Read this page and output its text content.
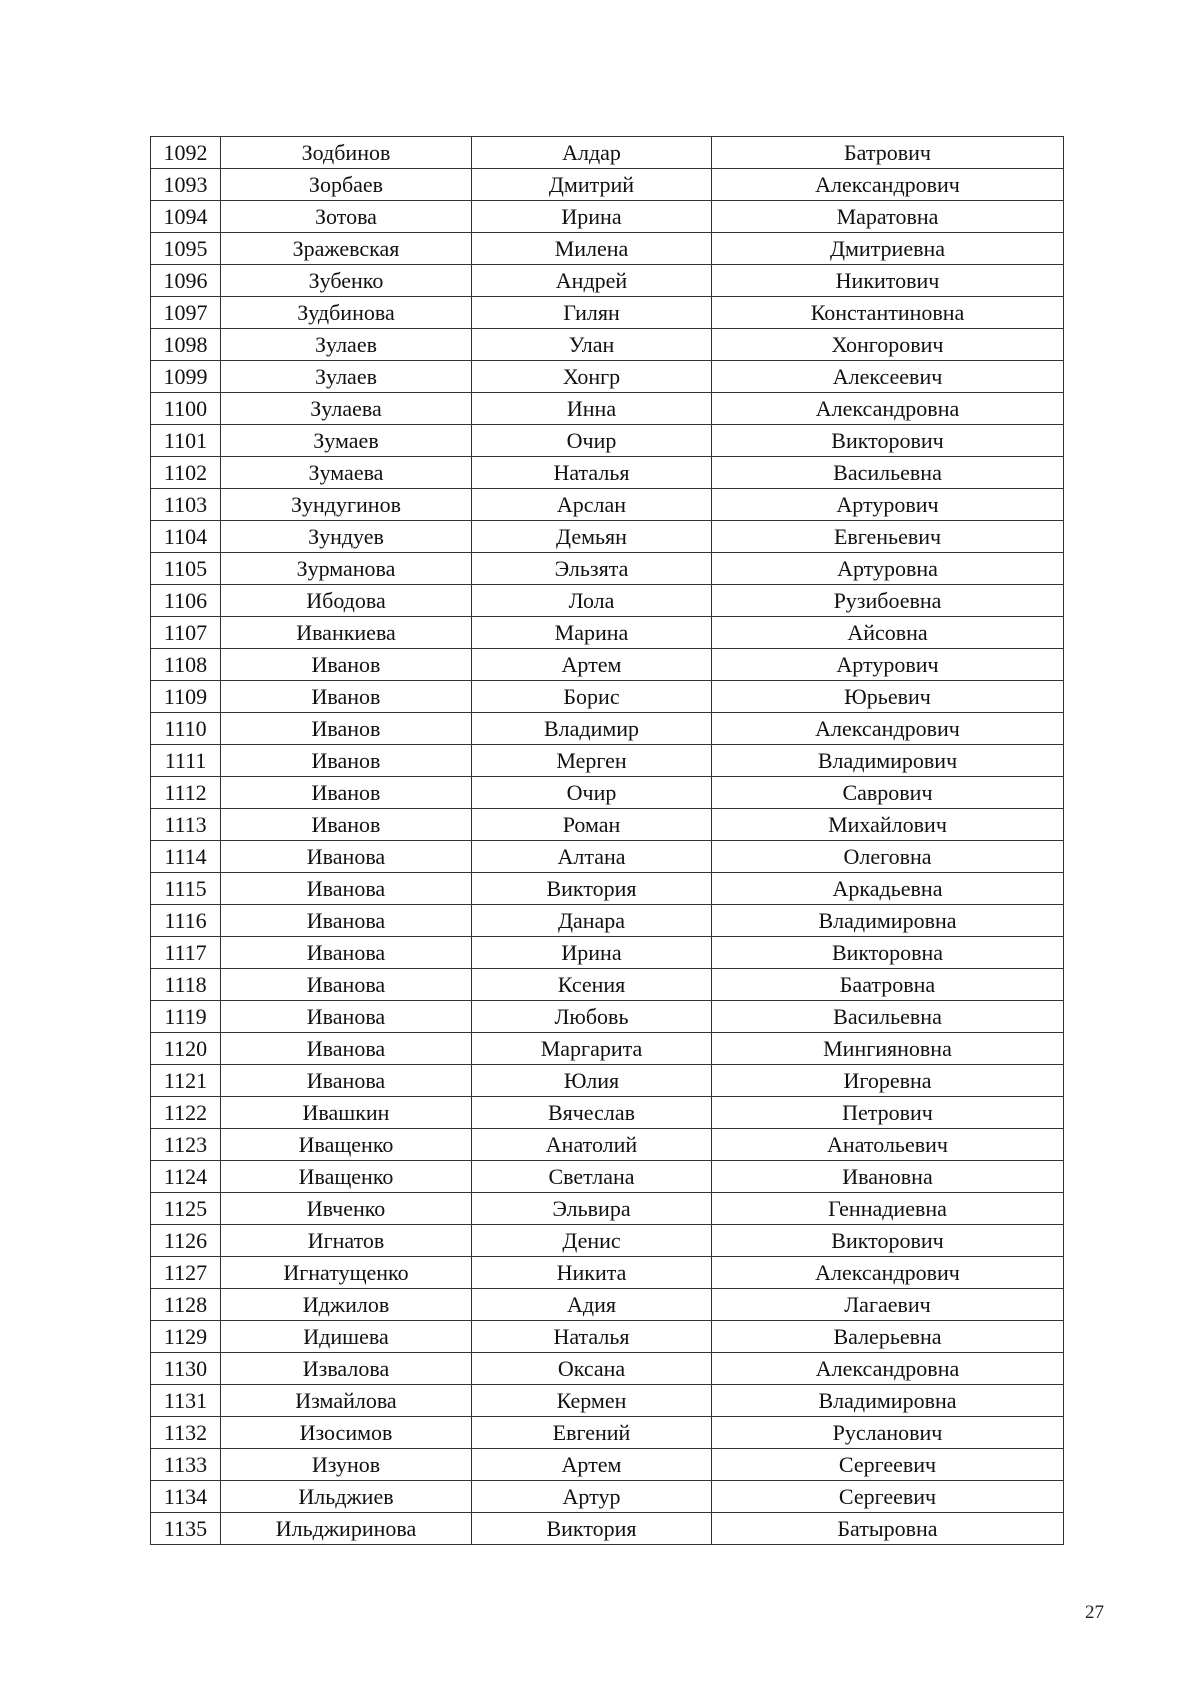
1092	Зодбинов	Алдар	Батрович
1093	Зорбаев	Дмитрий	Александрович
1094	Зотова	Ирина	Маратовна
1095	Зражевская	Милена	Дмитриевна
1096	Зубенко	Андрей	Никитович
1097	Зудбинова	Гилян	Константиновна
1098	Зулаев	Улан	Хонгорович
1099	Зулаев	Хонгр	Алексеевич
1100	Зулаева	Инна	Александровна
1101	Зумаев	Очир	Викторович
1102	Зумаева	Наталья	Васильевна
1103	Зундугинов	Арслан	Артурович
1104	Зундуев	Демьян	Евгеньевич
1105	Зурманова	Эльзята	Артуровна
1106	Ибодова	Лола	Рузибоевна
1107	Иванкиева	Марина	Айсовна
1108	Иванов	Артем	Артурович
1109	Иванов	Борис	Юрьевич
1110	Иванов	Владимир	Александрович
1111	Иванов	Мерген	Владимирович
1112	Иванов	Очир	Саврович
1113	Иванов	Роман	Михайлович
1114	Иванова	Алтана	Олеговна
1115	Иванова	Виктория	Аркадьевна
1116	Иванова	Данара	Владимировна
1117	Иванова	Ирина	Викторовна
1118	Иванова	Ксения	Баатровна
1119	Иванова	Любовь	Васильевна
1120	Иванова	Маргарита	Мингияновна
1121	Иванова	Юлия	Игоревна
1122	Ивашкин	Вячеслав	Петрович
1123	Иващенко	Анатолий	Анатольевич
1124	Иващенко	Светлана	Ивановна
1125	Ивченко	Эльвира	Геннадиевна
1126	Игнатов	Денис	Викторович
1127	Игнатущенко	Никита	Александрович
1128	Иджилов	Адия	Лагаевич
1129	Идишева	Наталья	Валерьевна
1130	Извалова	Оксана	Александровна
1131	Измайлова	Кермен	Владимировна
1132	Изосимов	Евгений	Русланович
1133	Изунов	Артем	Сергеевич
1134	Ильджиев	Артур	Сергеевич
1135	Ильджиринова	Виктория	Батыровна
27
